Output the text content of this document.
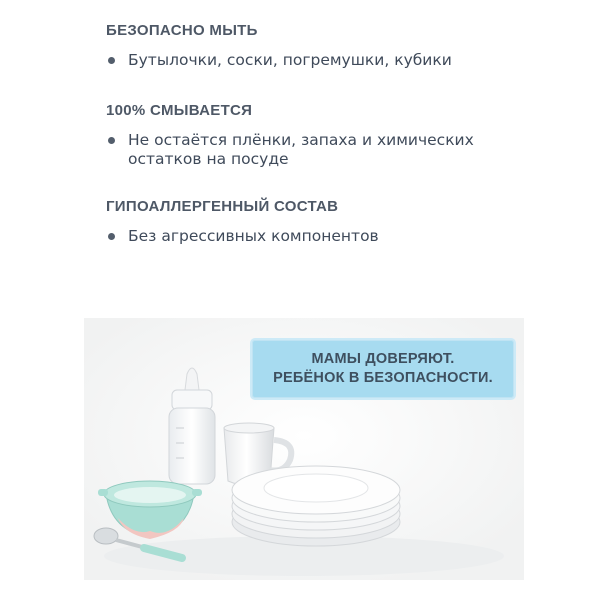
БЕЗОПАСНО МЫТЬ

Бутылочки, соски, погремушки, кубики

100% СМЫВАЕТСЯ

Не остаётся плёнки, запаха и химических
остатков на посуде

ГИПОАЛЛЕРГЕННЫЙ СОСТАВ

Без агрессивных компонентов
МАМЫ ДОВЕРЯЮТ.
РЕБЁНОК В БЕЗОПАСНОСТИ.
